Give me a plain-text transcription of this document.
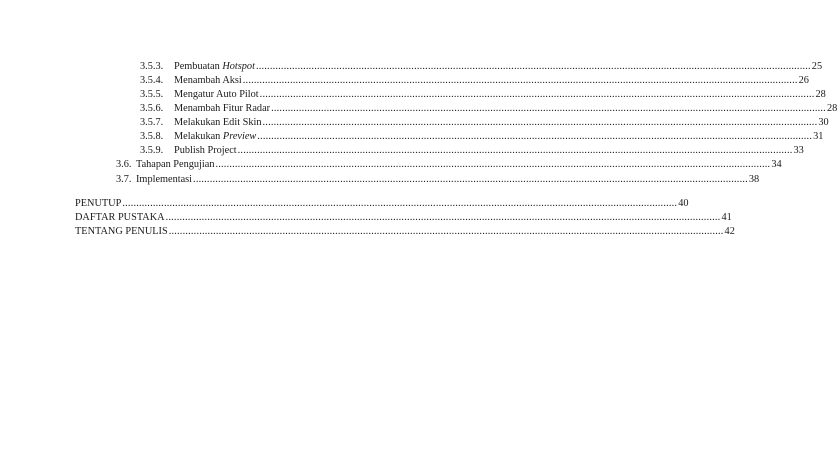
3.5.3.	Pembuatan Hotspot ........................................................................................................................................................................................................ 25
3.5.4.	Menambah Aksi ........................................................................................................................................................................................................ 26
3.5.5.	Mengatur Auto Pilot ........................................................................................................................................................................................................ 28
3.5.6.	Menambah Fitur Radar ........................................................................................................................................................................................................ 28
3.5.7.	Melakukan Edit Skin ........................................................................................................................................................................................................ 30
3.5.8.	Melakukan Preview ........................................................................................................................................................................................................ 31
3.5.9.	Publish Project ........................................................................................................................................................................................................ 33
3.6. Tahapan Pengujian ........................................................................................................................................................................................................ 34
3.7. Implementasi ........................................................................................................................................................................................................ 38
PENUTUP ........................................................................................................................................................................................................ 40
DAFTAR PUSTAKA ........................................................................................................................................................................................................ 41
TENTANG PENULIS ........................................................................................................................................................................................................ 42
